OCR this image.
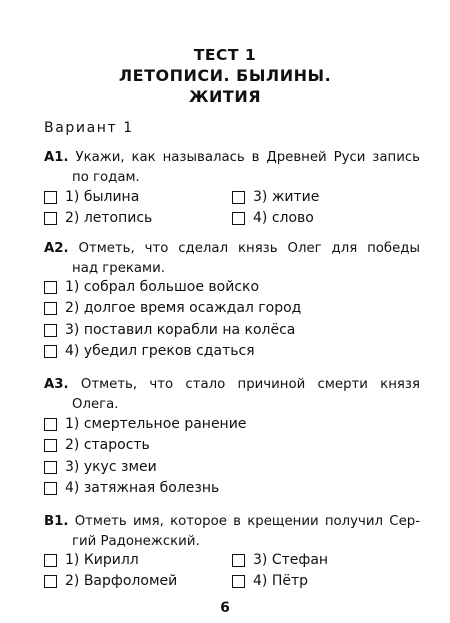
ТЕСТ 1
ЛЕТОПИСИ. БЫЛИНЫ.
ЖИТИЯ
Вариант 1
А1. Укажи, как называлась в Древней Руси запись
по годам.
1) былина	3) житие
2) летопись	4) слово
А2. Отметь, что сделал князь Олег для победы
над греками.
1) собрал большое войско
2) долгое время осаждал город
3) поставил корабли на колёса
4) убедил греков сдаться
А3. Отметь, что стало причиной смерти князя
Олега.
1) смертельное ранение
2) старость
3) укус змеи
4) затяжная болезнь
В1. Отметь имя, которое в крещении получил Сер-
гий Радонежский.
1) Кирилл	3) Стефан
2) Варфоломей	4) Пётр
6
